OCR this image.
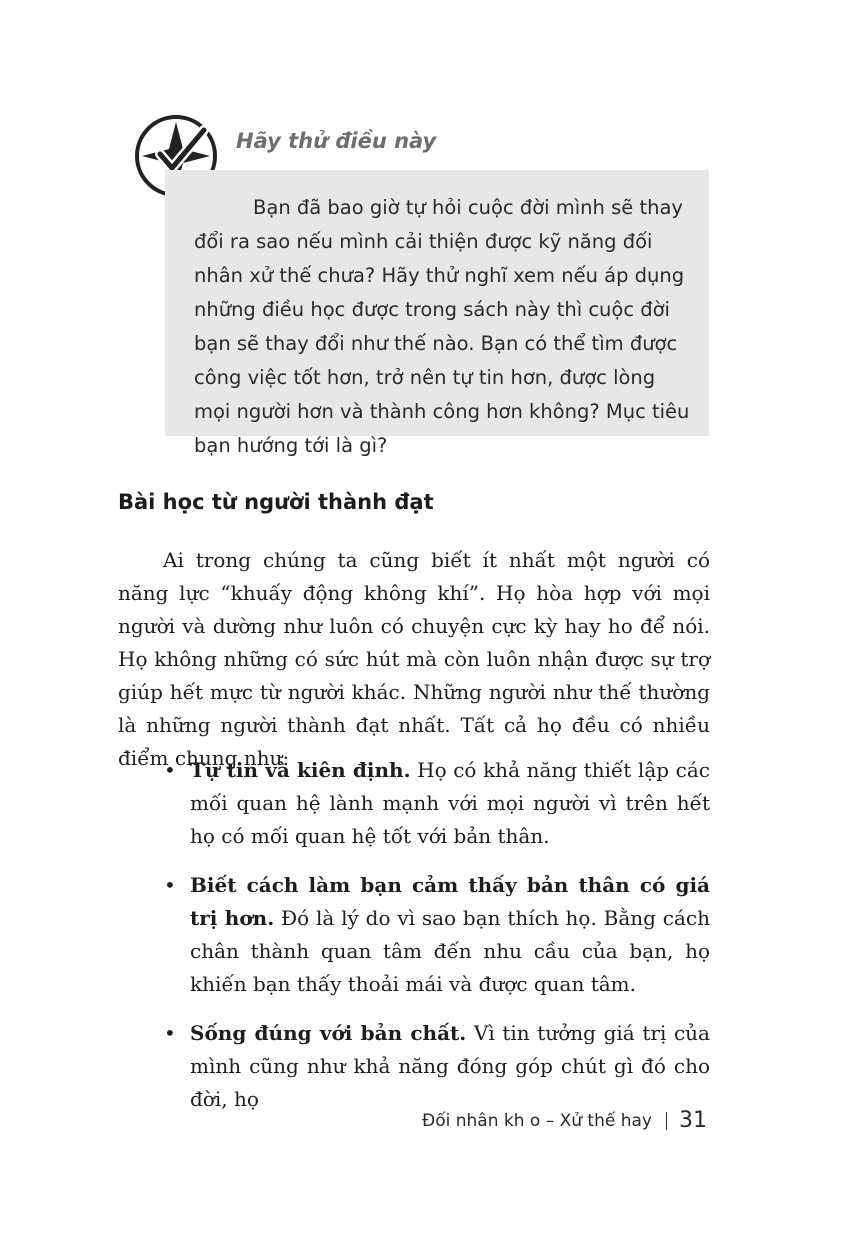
Hãy thử điều này

Bạn đã bao giờ tự hỏi cuộc đời mình sẽ thay đổi ra sao nếu mình cải thiện được kỹ năng đối nhân xử thế chưa? Hãy thử nghĩ xem nếu áp dụng những điều học được trong sách này thì cuộc đời bạn sẽ thay đổi như thế nào. Bạn có thể tìm được công việc tốt hơn, trở nên tự tin hơn, được lòng mọi người hơn và thành công hơn không? Mục tiêu bạn hướng tới là gì?

Bài học từ người thành đạt

Ai trong chúng ta cũng biết ít nhất một người có năng lực “khuấy động không khí”. Họ hòa hợp với mọi người và dường như luôn có chuyện cực kỳ hay ho để nói. Họ không những có sức hút mà còn luôn nhận được sự trợ giúp hết mực từ người khác. Những người như thế thường là những người thành đạt nhất. Tất cả họ đều có nhiều điểm chung như:

• Tự tin và kiên định. Họ có khả năng thiết lập các mối quan hệ lành mạnh với mọi người vì trên hết họ có mối quan hệ tốt với bản thân.
• Biết cách làm bạn cảm thấy bản thân có giá trị hơn. Đó là lý do vì sao bạn thích họ. Bằng cách chân thành quan tâm đến nhu cầu của bạn, họ khiến bạn thấy thoải mái và được quan tâm.
• Sống đúng với bản chất. Vì tin tưởng giá trị của mình cũng như khả năng đóng góp chút gì đó cho đời, họ
Đối nhân kh o – Xử thế hay 31
